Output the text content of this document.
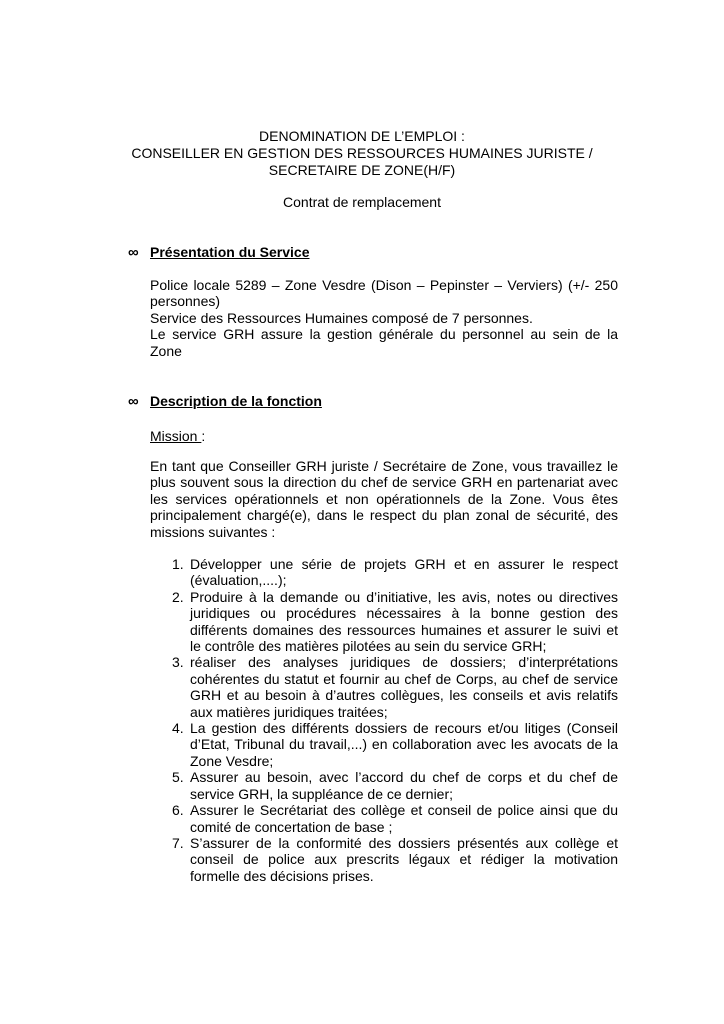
DENOMINATION DE L’EMPLOI :
CONSEILLER EN GESTION DES RESSOURCES HUMAINES JURISTE /
SECRETAIRE DE ZONE(H/F)
Contrat de remplacement
∞ Présentation du Service
Police locale 5289 – Zone Vesdre (Dison – Pepinster – Verviers) (+/- 250
personnes)
Service des Ressources Humaines composé de 7 personnes.
Le service GRH assure la gestion générale du personnel au sein de la
Zone
∞ Description de la fonction
Mission :

En tant que Conseiller GRH juriste / Secrétaire de Zone, vous travaillez le plus souvent sous la direction du chef de service GRH en partenariat avec les services opérationnels et non opérationnels de la Zone. Vous êtes principalement chargé(e), dans le respect du plan zonal de sécurité, des missions suivantes :

1. Développer une série de projets GRH et en assurer le respect (évaluation,....);
2. Produire à la demande ou d’initiative, les avis, notes ou directives juridiques ou procédures nécessaires à la bonne gestion des différents domaines des ressources humaines et assurer le suivi et le contrôle des matières pilotées au sein du service GRH;
3. réaliser des analyses juridiques de dossiers; d’interprétations cohérentes du statut et fournir au chef de Corps, au chef de service GRH et au besoin à d’autres collègues, les conseils et avis relatifs aux matières juridiques traitées;
4. La gestion des différents dossiers de recours et/ou litiges (Conseil d’Etat, Tribunal du travail,...) en collaboration avec les avocats de la Zone Vesdre;
5. Assurer au besoin, avec l’accord du chef de corps et du chef de service GRH, la suppléance de ce dernier;
6. Assurer le Secrétariat des collège et conseil de police ainsi que du comité de concertation de base ;
7. S’assurer de la conformité des dossiers présentés aux collège et conseil de police aux prescrits légaux et rédiger la motivation formelle des décisions prises.
